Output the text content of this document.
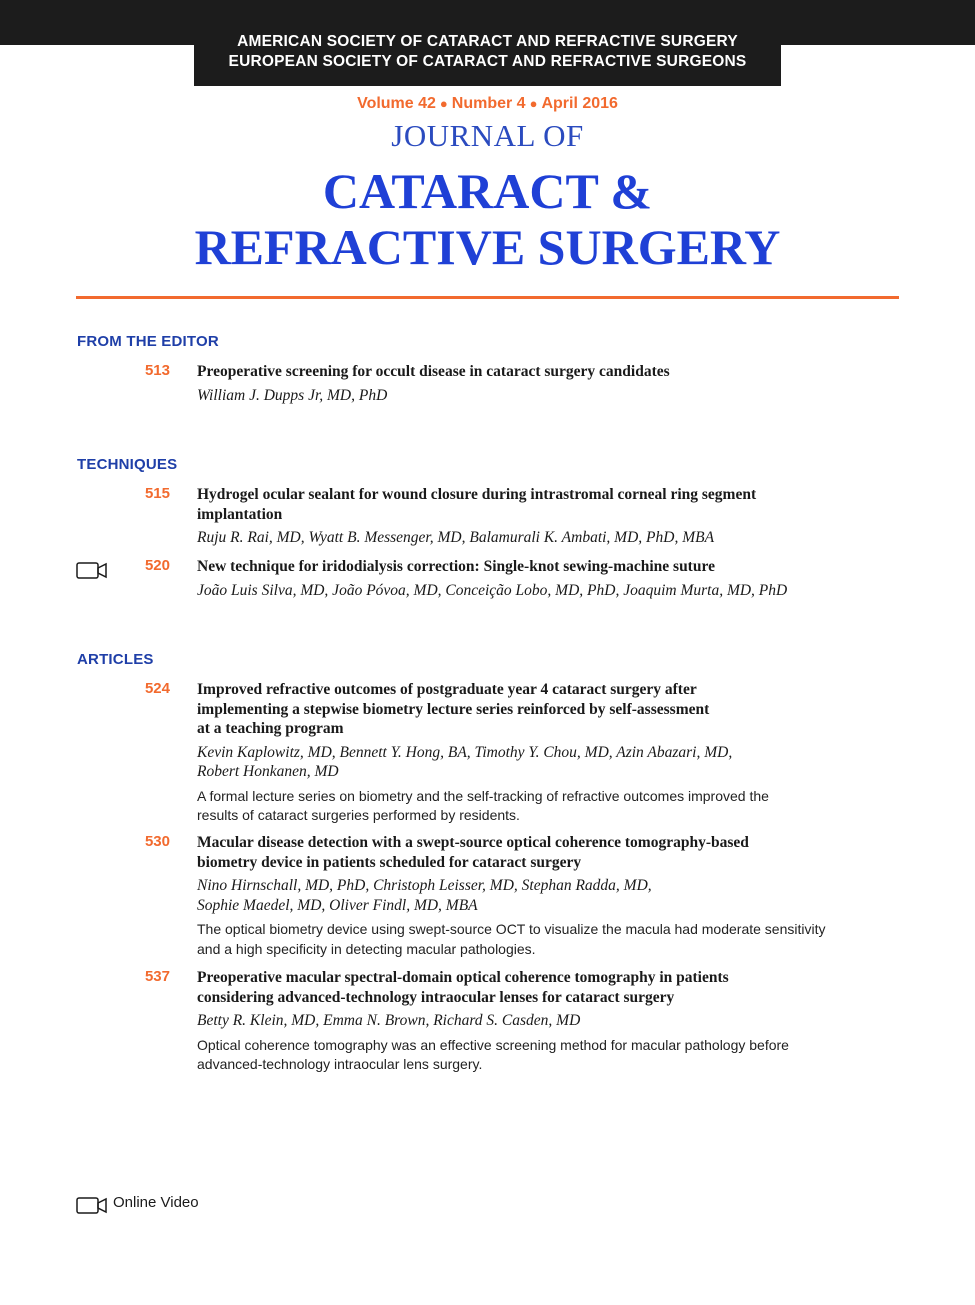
AMERICAN SOCIETY OF CATARACT AND REFRACTIVE SURGERY
EUROPEAN SOCIETY OF CATARACT AND REFRACTIVE SURGEONS
Volume 42 ● Number 4 ● April 2016
JOURNAL OF
CATARACT &
REFRACTIVE SURGERY
FROM THE EDITOR
513 Preoperative screening for occult disease in cataract surgery candidates
William J. Dupps Jr, MD, PhD
TECHNIQUES
515 Hydrogel ocular sealant for wound closure during intrastromal corneal ring segment implantation
Ruju R. Rai, MD, Wyatt B. Messenger, MD, Balamurali K. Ambati, MD, PhD, MBA
520 New technique for iridodialysis correction: Single-knot sewing-machine suture
João Luis Silva, MD, João Póvoa, MD, Conceição Lobo, MD, PhD, Joaquim Murta, MD, PhD
ARTICLES
524 Improved refractive outcomes of postgraduate year 4 cataract surgery after
implementing a stepwise biometry lecture series reinforced by self-assessment
at a teaching program
Kevin Kaplowitz, MD, Bennett Y. Hong, BA, Timothy Y. Chou, MD, Azin Abazari, MD,
Robert Honkanen, MD
A formal lecture series on biometry and the self-tracking of refractive outcomes improved the results of cataract surgeries performed by residents.
530 Macular disease detection with a swept-source optical coherence tomography-based biometry device in patients scheduled for cataract surgery
Nino Hirnschall, MD, PhD, Christoph Leisser, MD, Stephan Radda, MD,
Sophie Maedel, MD, Oliver Findl, MD, MBA
The optical biometry device using swept-source OCT to visualize the macula had moderate sensitivity and a high specificity in detecting macular pathologies.
537 Preoperative macular spectral-domain optical coherence tomography in patients considering advanced-technology intraocular lenses for cataract surgery
Betty R. Klein, MD, Emma N. Brown, Richard S. Casden, MD
Optical coherence tomography was an effective screening method for macular pathology before advanced-technology intraocular lens surgery.
Online Video
